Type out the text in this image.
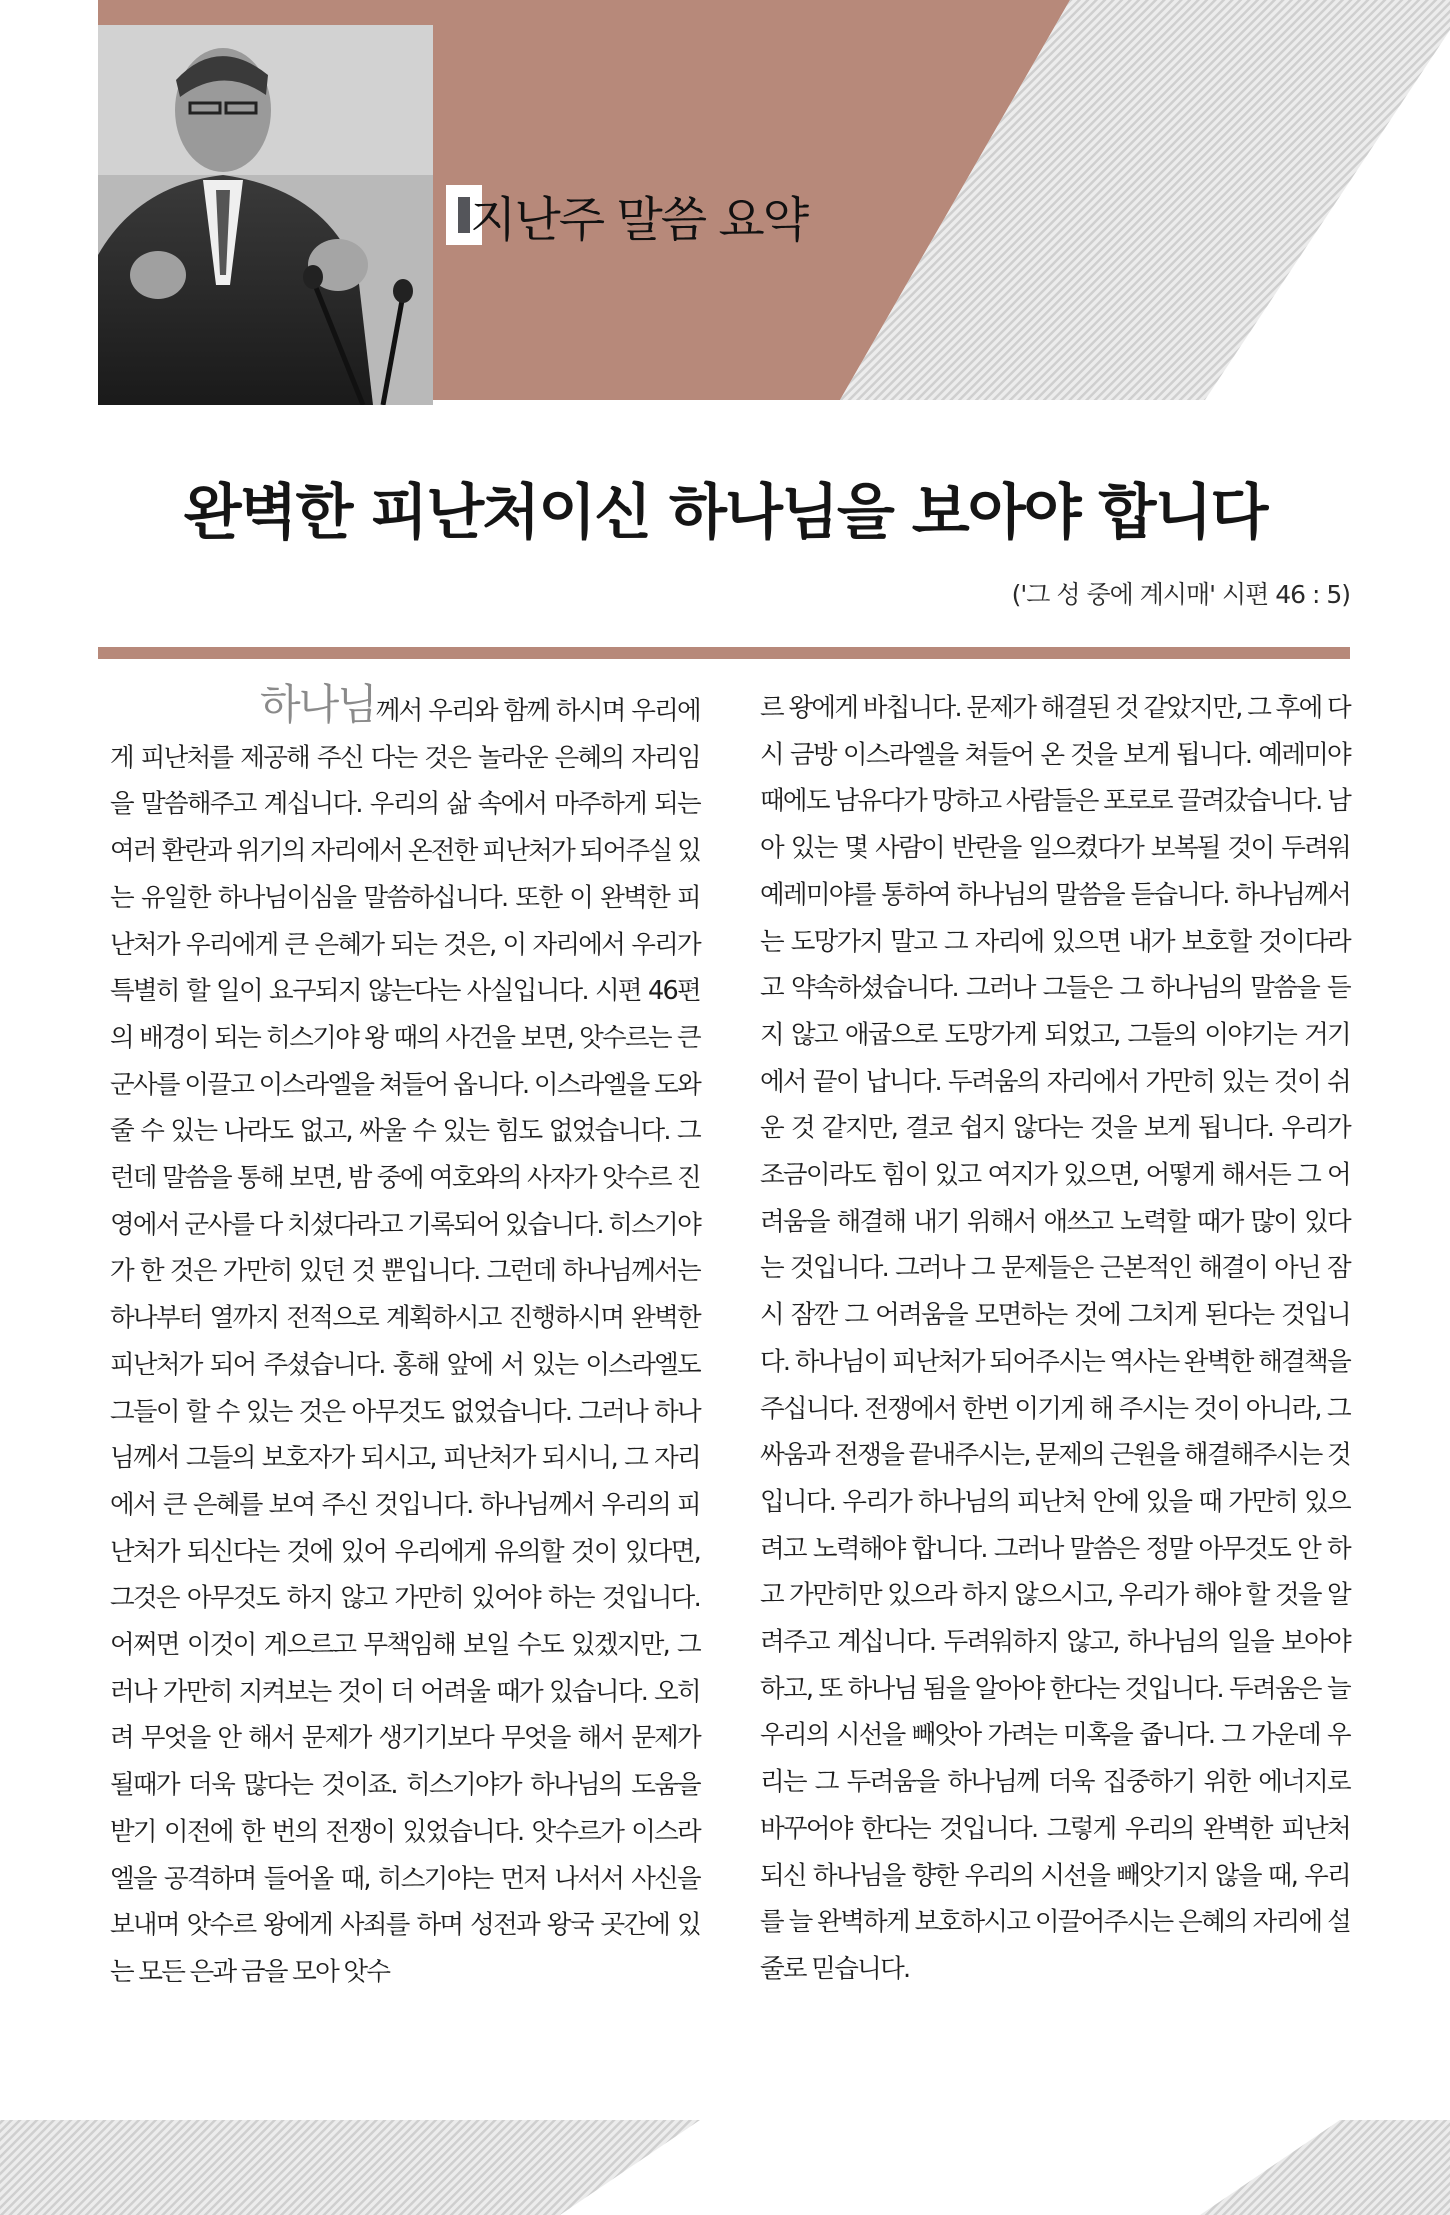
지난주 말씀 요약
완벽한 피난처이신 하나님을 보아야 합니다
('그 성 중에 계시매' 시편 46 : 5)
하나님께서 우리와 함께 하시며 우리에게 피난처를 제공해 주신 다는 것은 놀라운 은혜의 자리임을 말씀해주고 계십니다. 우리의 삶 속에서 마주하게 되는 여러 환란과 위기의 자리에서 온전한 피난처가 되어주실 있는 유일한 하나님이심을 말씀하십니다. 또한 이 완벽한 피난처가 우리에게 큰 은혜가 되는 것은, 이 자리에서 우리가 특별히 할 일이 요구되지 않는다는 사실입니다. 시편 46편의 배경이 되는 히스기야 왕 때의 사건을 보면, 앗수르는 큰 군사를 이끌고 이스라엘을 쳐들어 옵니다. 이스라엘을 도와줄 수 있는 나라도 없고, 싸울 수 있는 힘도 없었습니다. 그런데 말씀을 통해 보면, 밤 중에 여호와의 사자가 앗수르 진영에서 군사를 다 치셨다라고 기록되어 있습니다. 히스기야가 한 것은 가만히 있던 것 뿐입니다. 그런데 하나님께서는 하나부터 열까지 전적으로 계획하시고 진행하시며 완벽한 피난처가 되어 주셨습니다. 홍해 앞에 서 있는 이스라엘도 그들이 할 수 있는 것은 아무것도 없었습니다. 그러나 하나님께서 그들의 보호자가 되시고, 피난처가 되시니, 그 자리에서 큰 은혜를 보여 주신 것입니다. 하나님께서 우리의 피난처가 되신다는 것에 있어 우리에게 유의할 것이 있다면, 그것은 아무것도 하지 않고 가만히 있어야 하는 것입니다. 어쩌면 이것이 게으르고 무책임해 보일 수도 있겠지만, 그러나 가만히 지켜보는 것이 더 어려울 때가 있습니다. 오히려 무엇을 안 해서 문제가 생기기보다 무엇을 해서 문제가 될때가 더욱 많다는 것이죠. 히스기야가 하나님의 도움을 받기 이전에 한 번의 전쟁이 있었습니다. 앗수르가 이스라엘을 공격하며 들어올 때, 히스기야는 먼저 나서서 사신을 보내며 앗수르 왕에게 사죄를 하며 성전과 왕국 곳간에 있는 모든 은과 금을 모아 앗수
르 왕에게 바칩니다. 문제가 해결된 것 같았지만, 그 후에 다시 금방 이스라엘을 쳐들어 온 것을 보게 됩니다. 예레미야 때에도 남유다가 망하고 사람들은 포로로 끌려갔습니다. 남아 있는 몇 사람이 반란을 일으켰다가 보복될 것이 두려워 예레미야를 통하여 하나님의 말씀을 듣습니다. 하나님께서는 도망가지 말고 그 자리에 있으면 내가 보호할 것이다라고 약속하셨습니다. 그러나 그들은 그 하나님의 말씀을 듣지 않고 애굽으로 도망가게 되었고, 그들의 이야기는 거기에서 끝이 납니다. 두려움의 자리에서 가만히 있는 것이 쉬운 것 같지만, 결코 쉽지 않다는 것을 보게 됩니다. 우리가 조금이라도 힘이 있고 여지가 있으면, 어떻게 해서든 그 어려움을 해결해 내기 위해서 애쓰고 노력할 때가 많이 있다는 것입니다. 그러나 그 문제들은 근본적인 해결이 아닌 잠시 잠깐 그 어려움을 모면하는 것에 그치게 된다는 것입니다. 하나님이 피난처가 되어주시는 역사는 완벽한 해결책을 주십니다. 전쟁에서 한번 이기게 해 주시는 것이 아니라, 그 싸움과 전쟁을 끝내주시는, 문제의 근원을 해결해주시는 것입니다. 우리가 하나님의 피난처 안에 있을 때 가만히 있으려고 노력해야 합니다. 그러나 말씀은 정말 아무것도 안 하고 가만히만 있으라 하지 않으시고, 우리가 해야 할 것을 알려주고 계십니다. 두려워하지 않고, 하나님의 일을 보아야 하고, 또 하나님 됨을 알아야 한다는 것입니다. 두려움은 늘 우리의 시선을 빼앗아 가려는 미혹을 줍니다. 그 가운데 우리는 그 두려움을 하나님께 더욱 집중하기 위한 에너지로 바꾸어야 한다는 것입니다. 그렇게 우리의 완벽한 피난처 되신 하나님을 향한 우리의 시선을 빼앗기지 않을 때, 우리를 늘 완벽하게 보호하시고 이끌어주시는 은혜의 자리에 설 줄로 믿습니다.
